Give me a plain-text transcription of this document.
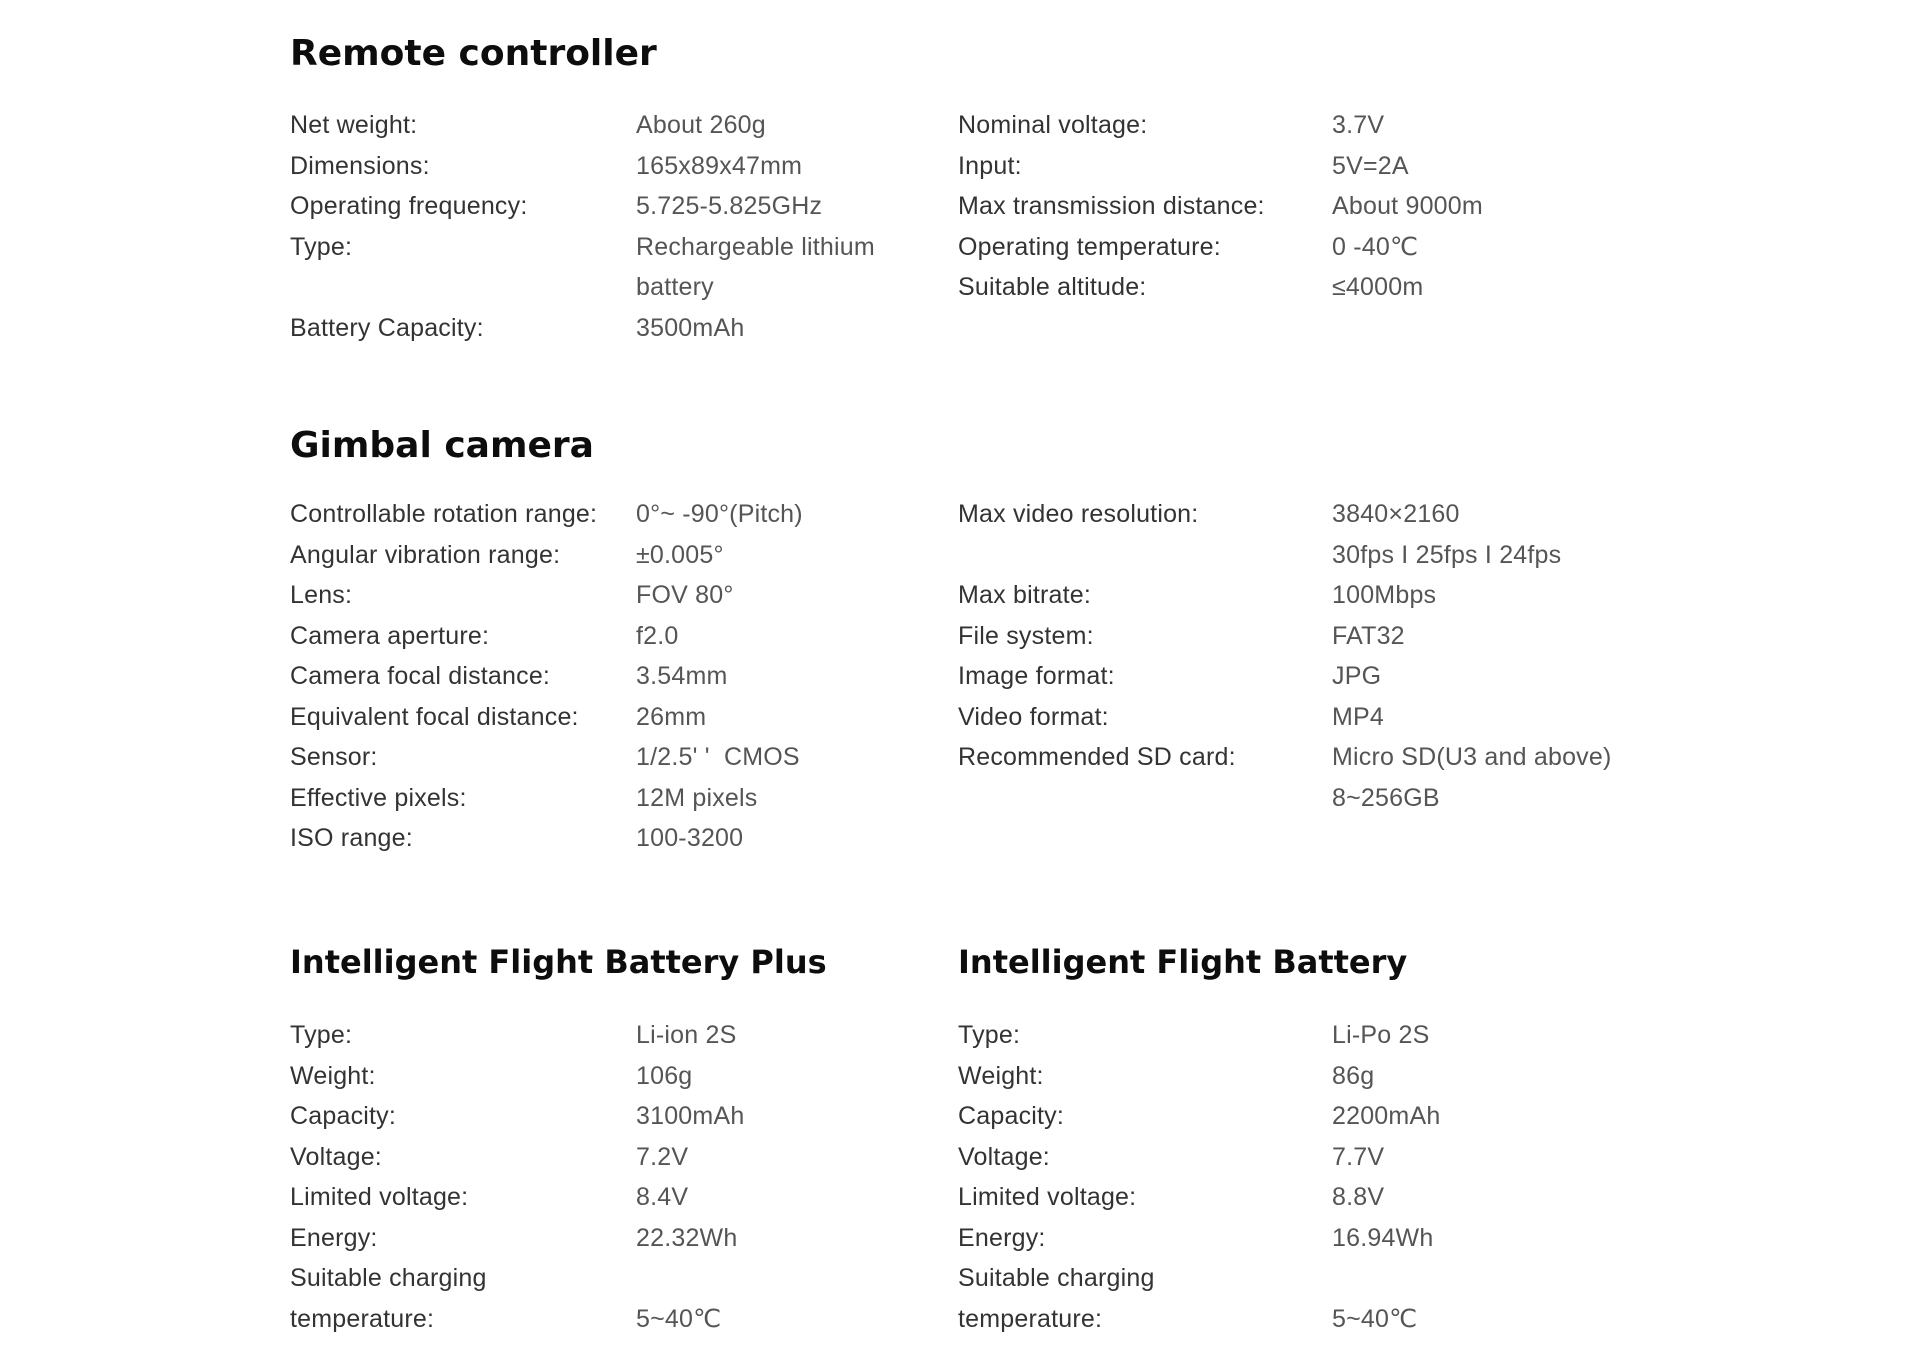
Remote controller
Net weight:	About 260g
Dimensions:	165x89x47mm
Operating frequency:	5.725-5.825GHz
Type:	Rechargeable lithium battery
Battery Capacity:	3500mAh
Nominal voltage:	3.7V
Input:	5V=2A
Max transmission distance:	About 9000m
Operating temperature:	0 -40℃
Suitable altitude:	≤4000m
Gimbal camera
Controllable rotation range:	0°~ -90°(Pitch)
Angular vibration range:	±0.005°
Lens:	FOV 80°
Camera aperture:	f2.0
Camera focal distance:	3.54mm
Equivalent focal distance:	26mm
Sensor:	1/2.5' '  CMOS
Effective pixels:	12M pixels
ISO range:	100-3200
Max video resolution:	3840×2160
30fps I 25fps I 24fps
Max bitrate:	100Mbps
File system:	FAT32
Image format:	JPG
Video format:	MP4
Recommended SD card:	Micro SD(U3 and above)
8~256GB
Intelligent Flight Battery Plus
Type:	Li-ion 2S
Weight:	106g
Capacity:	3100mAh
Voltage:	7.2V
Limited voltage:	8.4V
Energy:	22.32Wh
Suitable charging temperature:	5~40℃
Intelligent Flight Battery
Type:	Li-Po 2S
Weight:	86g
Capacity:	2200mAh
Voltage:	7.7V
Limited voltage:	8.8V
Energy:	16.94Wh
Suitable charging temperature:	5~40℃
